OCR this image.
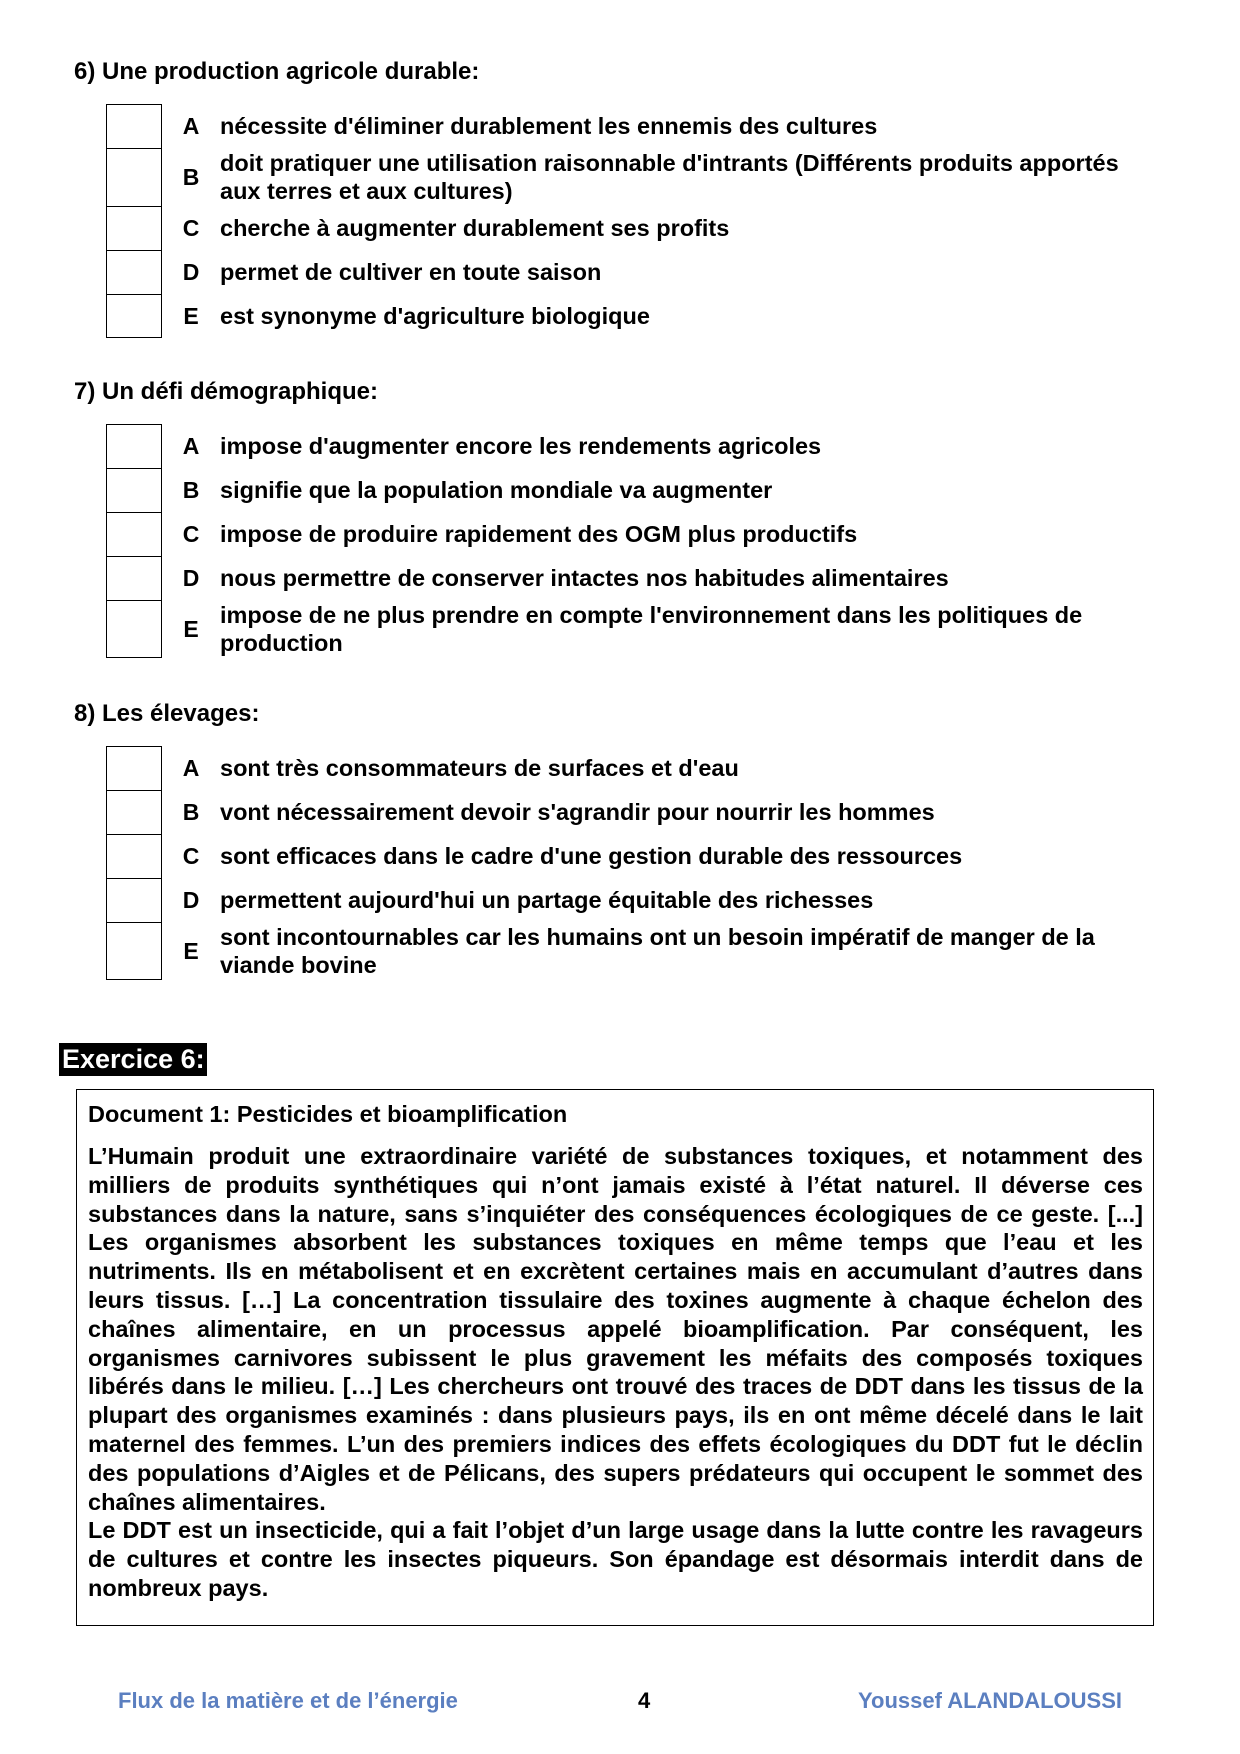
6) Une production agricole durable:
A nécessite d'éliminer durablement les ennemis des cultures
B
doit pratiquer une utilisation raisonnable d'intrants (Différents produits apportés aux terres et aux cultures)
C cherche à augmenter durablement ses profits
D permet de cultiver en toute saison
E est synonyme d'agriculture biologique
7) Un défi démographique:
A impose d'augmenter encore les rendements agricoles
B signifie que la population mondiale va augmenter
C impose de produire rapidement des OGM plus productifs
D nous permettre de conserver intactes nos habitudes alimentaires
E
impose de ne plus prendre en compte l'environnement dans les politiques de production
8) Les élevages:
A sont très consommateurs de surfaces et d'eau
B vont nécessairement devoir s'agrandir pour nourrir les hommes
C sont efficaces dans le cadre d'une gestion durable des ressources
D permettent aujourd'hui un partage équitable des richesses
E
sont incontournables car les humains ont un besoin impératif de manger de la viande bovine
Exercice 6:
Document 1: Pesticides et bioamplification

L’Humain produit une extraordinaire variété de substances toxiques, et notamment des milliers de produits synthétiques qui n’ont jamais existé à l’état naturel. Il déverse ces substances dans la nature, sans s’inquiéter des conséquences écologiques de ce geste. [...] Les organismes absorbent les substances toxiques en même temps que l’eau et les nutriments. Ils en métabolisent et en excrètent certaines mais en accumulant d’autres dans leurs tissus. […] La concentration tissulaire des toxines augmente à chaque échelon des chaînes alimentaire, en un processus appelé bioamplification. Par conséquent, les organismes carnivores subissent le plus gravement les méfaits des composés toxiques libérés dans le milieu. […] Les chercheurs ont trouvé des traces de DDT dans les tissus de la plupart des organismes examinés : dans plusieurs pays, ils en ont même décelé dans le lait maternel des femmes. L’un des premiers indices des effets écologiques du DDT fut le déclin des populations d’Aigles et de Pélicans, des supers prédateurs qui occupent le sommet des chaînes alimentaires.

Le DDT est un insecticide, qui a fait l’objet d’un large usage dans la lutte contre les ravageurs de cultures et contre les insectes piqueurs. Son épandage est désormais interdit dans de nombreux pays.

Flux de la matière et de l’énergie	4	Youssef ALANDALOUSSI
